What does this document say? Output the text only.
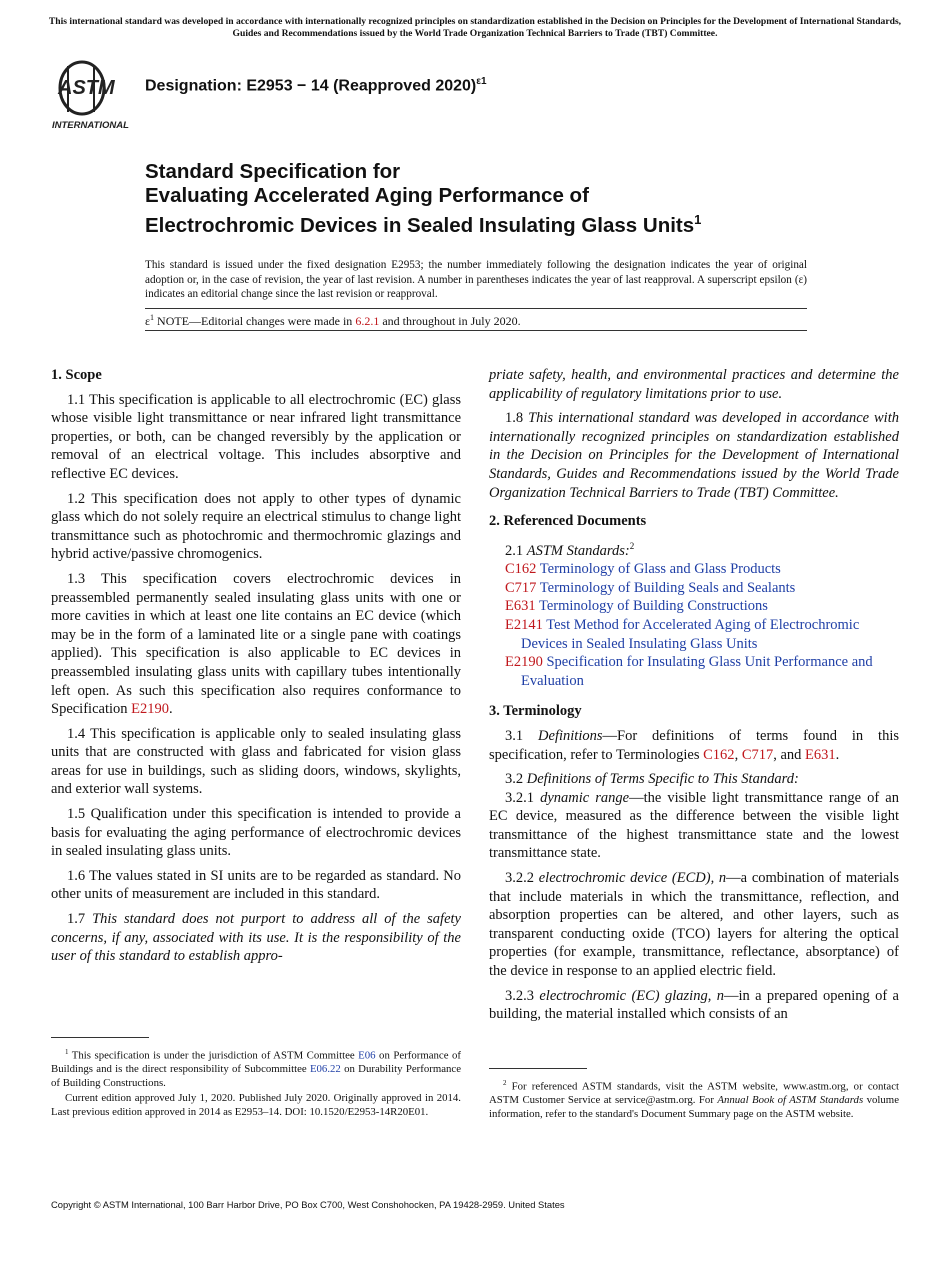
This international standard was developed in accordance with internationally recognized principles on standardization established in the Decision on Principles for the Development of International Standards, Guides and Recommendations issued by the World Trade Organization Technical Barriers to Trade (TBT) Committee.
ASTM
INTERNATIONAL
Designation: E2953 − 14 (Reapproved 2020)$^{\varepsilon 1}$
Standard Specification for
Evaluating Accelerated Aging Performance of
Electrochromic Devices in Sealed Insulating Glass Units$^1$
This standard is issued under the fixed designation E2953; the number immediately following the designation indicates the year of original adoption or, in the case of revision, the year of last revision. A number in parentheses indicates the year of last reapproval. A superscript epsilon (ε) indicates an editorial change since the last revision or reapproval.
$\varepsilon^1$ NOTE—Editorial changes were made in 6.2.1 and throughout in July 2020.
1. Scope

1.1 This specification is applicable to all electrochromic (EC) glass whose visible light transmittance or near infrared light transmittance properties, or both, can be changed reversibly by the application or removal of an electrical voltage. This includes absorptive and reflective EC devices.

1.2 This specification does not apply to other types of dynamic glass which do not solely require an electrical stimulus to change light transmittance such as photochromic and thermochromic glazings and hybrid active/passive chromogenics.

1.3 This specification covers electrochromic devices in preassembled permanently sealed insulating glass units with one or more cavities in which at least one lite contains an EC device (which may be in the form of a laminated lite or a single pane with coatings applied). This specification is also applicable to EC devices in preassembled insulating glass units with capillary tubes intentionally left open. As such this specification also requires conformance to Specification E2190.

1.4 This specification is applicable only to sealed insulating glass units that are constructed with glass and fabricated for vision glass areas for use in buildings, such as sliding doors, windows, skylights, and exterior wall systems.

1.5 Qualification under this specification is intended to provide a basis for evaluating the aging performance of electrochromic devices in sealed insulating glass units.

1.6 The values stated in SI units are to be regarded as standard. No other units of measurement are included in this standard.

1.7 This standard does not purport to address all of the safety concerns, if any, associated with its use. It is the responsibility of the user of this standard to establish appro-

$^1$ This specification is under the jurisdiction of ASTM Committee E06 on Performance of Buildings and is the direct responsibility of Subcommittee E06.22 on Durability Performance of Building Constructions.

Current edition approved July 1, 2020. Published July 2020. Originally approved in 2014. Last previous edition approved in 2014 as E2953–14. DOI: 10.1520/E2953-14R20E01.

priate safety, health, and environmental practices and determine the applicability of regulatory limitations prior to use.

1.8 This international standard was developed in accordance with internationally recognized principles on standardization established in the Decision on Principles for the Development of International Standards, Guides and Recommendations issued by the World Trade Organization Technical Barriers to Trade (TBT) Committee.

2. Referenced Documents

2.1 ASTM Standards:$^2$

C162 Terminology of Glass and Glass Products

C717 Terminology of Building Seals and Sealants

E631 Terminology of Building Constructions

E2141 Test Method for Accelerated Aging of Electrochromic Devices in Sealed Insulating Glass Units

E2190 Specification for Insulating Glass Unit Performance and Evaluation

3. Terminology

3.1 Definitions—For definitions of terms found in this specification, refer to Terminologies C162, C717, and E631.

3.2 Definitions of Terms Specific to This Standard:

3.2.1 dynamic range—the visible light transmittance range of an EC device, measured as the difference between the visible light transmittance of the highest transmittance state and the lowest transmittance state.

3.2.2 electrochromic device (ECD), n—a combination of materials that include materials in which the transmittance, reflection, and absorption properties can be altered, and other layers, such as transparent conducting oxide (TCO) layers for altering the optical properties (for example, transmittance, reflectance, absorptance) of the device in response to an applied electric field.

3.2.3 electrochromic (EC) glazing, n—in a prepared opening of a building, the material installed which consists of an

$^2$ For referenced ASTM standards, visit the ASTM website, www.astm.org, or contact ASTM Customer Service at service@astm.org. For Annual Book of ASTM Standards volume information, refer to the standard's Document Summary page on the ASTM website.

Copyright © ASTM International, 100 Barr Harbor Drive, PO Box C700, West Conshohocken, PA 19428-2959. United States
